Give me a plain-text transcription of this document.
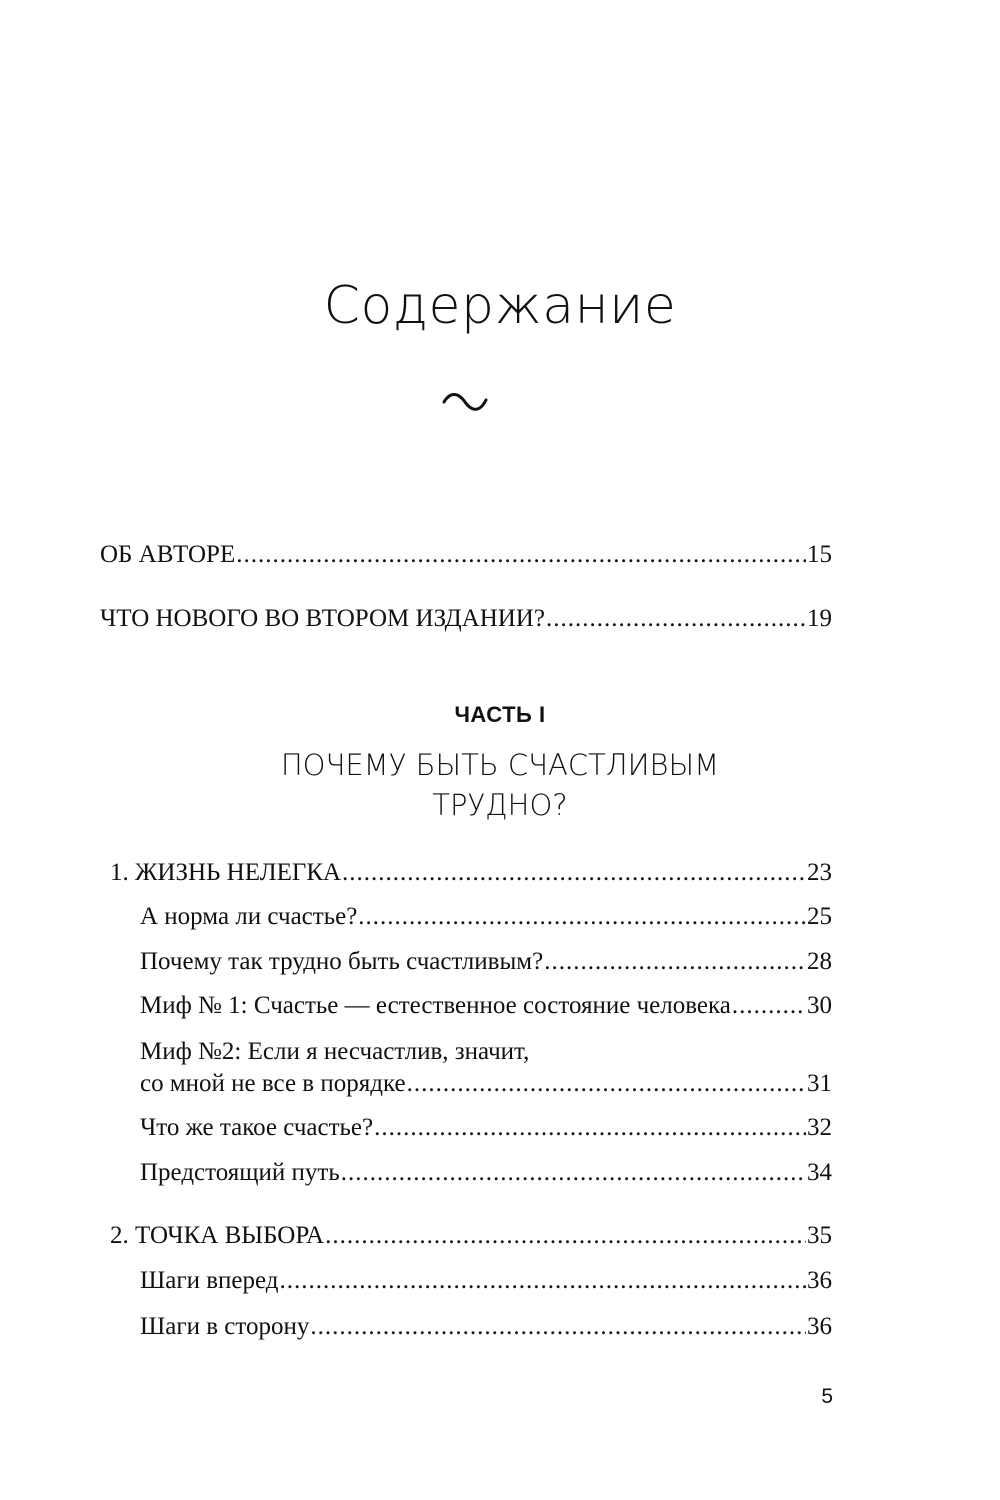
Содержание
ОБ АВТОРЕ .....	15
ЧТО НОВОГО ВО ВТОРОМ ИЗДАНИИ? .....	19
ЧАСТЬ I
ПОЧЕМУ БЫТЬ СЧАСТЛИВЫМ
ТРУДНО?
1. ЖИЗНЬ НЕЛЕГКА .....	23
А норма ли счастье? .....	25
Почему так трудно быть счастливым? .....	28
Миф № 1: Счастье — естественное состояние человека .....	30
Миф №2: Если я несчастлив, значит,
со мной не все в порядке .....	31
Что же такое счастье? .....	32
Предстоящий путь .....	34
2. ТОЧКА ВЫБОРА .....	35
Шаги вперед .....	36
Шаги в сторону .....	36
5
